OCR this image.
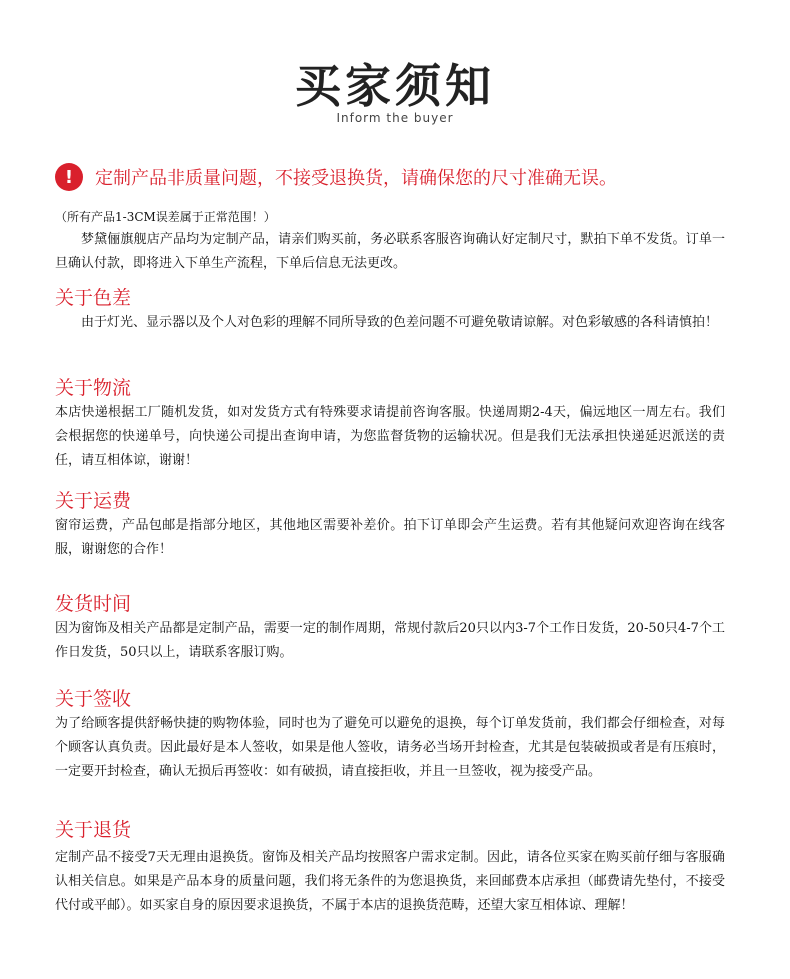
买家须知
Inform the buyer
!	定制产品非质量问题，不接受退换货，请确保您的尺寸准确无误。
（所有产品1-3CM误差属于正常范围！）

梦黛俪旗舰店产品均为定制产品，请亲们购买前，务必联系客服咨询确认好定制尺寸，默拍下单不发货。订单一旦确认付款，即将进入下单生产流程，下单后信息无法更改。

关于色差

由于灯光、显示器以及个人对色彩的理解不同所导致的色差问题不可避免敬请谅解。对色彩敏感的各科请慎拍！

关于物流

本店快递根据工厂随机发货，如对发货方式有特殊要求请提前咨询客服。快递周期2-4天，偏远地区一周左右。我们会根据您的快递单号，向快递公司提出查询申请，为您监督货物的运输状况。但是我们无法承担快递延迟派送的责任，请互相体谅，谢谢！

关于运费

窗帘运费，产品包邮是指部分地区，其他地区需要补差价。拍下订单即会产生运费。若有其他疑问欢迎咨询在线客服，谢谢您的合作！

发货时间

因为窗饰及相关产品都是定制产品，需要一定的制作周期，常规付款后20只以内3-7个工作日发货，20-50只4-7个工作日发货，50只以上，请联系客服订购。

关于签收

为了给顾客提供舒畅快捷的购物体验，同时也为了避免可以避免的退换，每个订单发货前，我们都会仔细检查，对每个顾客认真负责。因此最好是本人签收，如果是他人签收，请务必当场开封检查，尤其是包装破损或者是有压痕时，一定要开封检查，确认无损后再签收：如有破损，请直接拒收，并且一旦签收，视为接受产品。

关于退货

定制产品不接受7天无理由退换货。窗饰及相关产品均按照客户需求定制。因此，请各位买家在购买前仔细与客服确认相关信息。如果是产品本身的质量问题，我们将无条件的为您退换货，来回邮费本店承担（邮费请先垫付，不接受代付或平邮）。如买家自身的原因要求退换货，不属于本店的退换货范畴，还望大家互相体谅、理解！
